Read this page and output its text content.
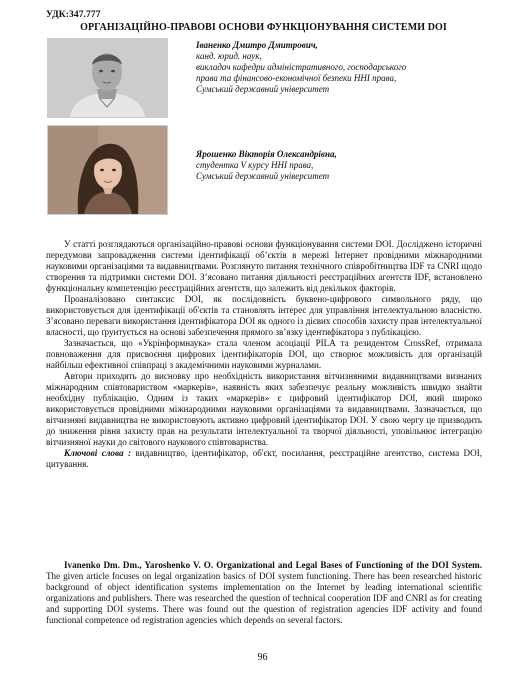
УДК:347.777
ОРГАНІЗАЦІЙНО-ПРАВОВІ ОСНОВИ ФУНКЦІОНУВАННЯ СИСТЕМИ DOI
Іваненко Дмитро Дмитрович,
канд. юрид. наук,
викладач кафедри адміністративного, господарського
права та фінансово-економічної безпеки ННІ права,
Сумський державний університет
Ярошенко Вікторія Олександрівна,
студентка V курсу ННІ права,
Сумський державний університет

У статті розглядаються організаційно-правові основи функціонування системи DOI. Досліджено історичні передумови запровадження системи ідентифікації об’єктів в мережі Інтернет провідними міжнародними науковими організаціями та видавництвами. Розглянуто питання технічного співробітництва IDF та CNRI щодо створення та підтримки системи DOI. З’ясовано питання діяльності реєстраційних агентств IDF, встановлено функціональну компетенцію реєстраційних агентств, що залежить від декількох факторів.

Проаналізовано синтаксис DOI, як послідовність буквено-цифрового символьного ряду, що використовується для ідентифікації об'єктів та становлять інтерес для управління інтелектуальною власністю. З’ясовано переваги використання ідентифікатора DOI як одного із дієвих способів захисту прав інтелектуальної власності, що ґрунтується на основі забезпечення прямого зв’язку ідентифікатора з публікацією.

Зазначається, що «Укрінформнаука» стала членом асоціації PILA та резидентом CrossRef, отримала повноваження для присвоєння цифрових ідентифікаторів DOI, що створює можливість для організацій найбільш ефективної співпраці з академічними науковими журналами.

Автори приходять до висновку про необхідність використання вітчизняними видавництвами визнаних міжнародним співтовариством «маркерів», наявність яких забезпечує реальну можливість швидко знайти необхідну публікацію. Одним із таких «маркерів» є цифровий ідентифікатор DOI, який широко використовується провідними міжнародними науковими організаціями та видавництвами. Зазначається, що вітчизняні видавництва не використовують активно цифровий ідентифікатор DOI. У свою чергу це призводить до зниження рівня захисту прав на результати інтелектуальної та творчої діяльності, уповільнює інтеграцію вітчизняної науки до світового наукового співтовариства.

Ключові слова : видавництво, ідентифікатор, об'єкт, посилання, реєстраційне агентство, система DOI, цитування.

Ivanenko Dm. Dm., Yaroshenko V. O. Organizational and Legal Bases of Functioning of the DOI System. The given article focuses on legal organization basics of DOI system functioning. There has been researched historic background of object identification systems implementation on the Internet by leading international scientific organizations and publishers. There was researched the question of technical cooperation IDF and CNRI as for creating and supporting DOI systems. There was found out the question of registration agencies IDF activity and found functional competence od registration agencies which depends on several factors.

96
